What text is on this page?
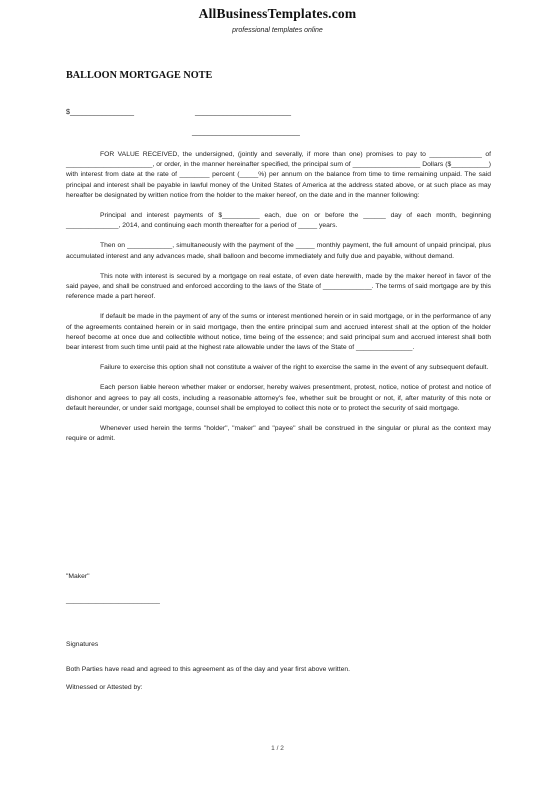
AllBusinessTemplates.com
professional templates online
BALLOON MORTGAGE NOTE
$________________	________________________
___________________________

FOR VALUE RECEIVED, the undersigned, (jointly and severally, if more than one) promises to pay to ______________ of _______________________, or order, in the manner hereinafter specified, the principal sum of __________________ Dollars ($__________) with interest from date at the rate of ________ percent (_____%) per annum on the balance from time to time remaining unpaid. The said principal and interest shall be payable in lawful money of the United States of America at the address stated above, or at such place as may hereafter be designated by written notice from the holder to the maker hereof, on the date and in the manner following:

Principal and interest payments of $__________ each, due on or before the ______ day of each month, beginning ______________, 2014, and continuing each month thereafter for a period of _____ years.

Then on ____________, simultaneously with the payment of the _____ monthly payment, the full amount of unpaid principal, plus accumulated interest and any advances made, shall balloon and become immediately and fully due and payable, without demand.

This note with interest is secured by a mortgage on real estate, of even date herewith, made by the maker hereof in favor of the said payee, and shall be construed and enforced according to the laws of the State of _____________. The terms of said mortgage are by this reference made a part hereof.

If default be made in the payment of any of the sums or interest mentioned herein or in said mortgage, or in the performance of any of the agreements contained herein or in said mortgage, then the entire principal sum and accrued interest shall at the option of the holder hereof become at once due and collectible without notice, time being of the essence; and said principal sum and accrued interest shall both bear interest from such time until paid at the highest rate allowable under the laws of the State of _______________.

Failure to exercise this option shall not constitute a waiver of the right to exercise the same in the event of any subsequent default.

Each person liable hereon whether maker or endorser, hereby waives presentment, protest, notice, notice of protest and notice of dishonor and agrees to pay all costs, including a reasonable attorney's fee, whether suit be brought or not, if, after maturity of this note or default hereunder, or under said mortgage, counsel shall be employed to collect this note or to protect the security of said mortgage.

Whenever used herein the terms "holder", "maker" and "payee" shall be construed in the singular or plural as the context may require or admit.

"Maker"
_________________________
Signatures
Both Parties have read and agreed to this agreement as of the day and year first above written.
Witnessed or Attested by:
1 / 2
